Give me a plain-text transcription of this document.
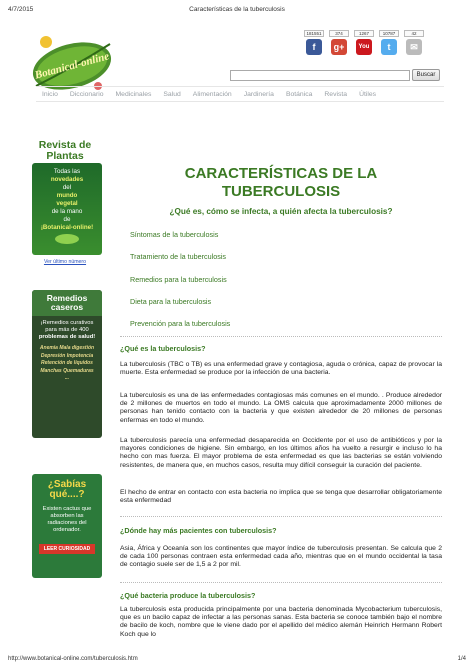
4/7/2015	Características de la tuberculosis
Botanical-online
181551
f
374
g+
1267
You
10787
t
42
✉
Buscar
Inicio Diccionario Medicinales Salud Alimentación Jardinería Botánica Revista Útiles
Revista de
Plantas
Todas las
novedades
del
mundo
vegetal
de la mano
de
¡Botanical-online!
Ver último número
Remedios
caseros
¡Remedios curativos
para más de 400
problemas de salud!
Anemia Mala digestión
Depresión Impotencia
Retención de líquidos
Manchas Quemaduras
...
¿Sabías
qué....?
Existen cactus que
absorben las
radiaciones del
ordenador.
LEER CURIOSIDAD
CARACTERÍSTICAS DE LA
TUBERCULOSIS
¿Qué es, cómo se infecta, a quién afecta la tuberculosis?
Síntomas de la tuberculosis
Tratamiento de la tuberculosis
Remedios para la tuberculosis
Dieta para la tuberculosis
Prevención para la tuberculosis
¿Qué es la tuberculosis?
La tuberculosis (TBC o TB) es una enfermedad grave y contagiosa, aguda o crónica, capaz de provocar la muerte. Esta enfermedad se produce por la infección de una bacteria.
La tuberculosis es una de las enfermedades contagiosas más comunes en el mundo. . Produce alrededor de 2 millones de muertos en todo el mundo. La OMS calcula que aproximadamente 2000 millones de personas han tenido contacto con la bacteria y que existen alrededor de 20 millones de personas enfermas en todo el mundo.
La tuberculosis parecía una enfermedad desaparecida en Occidente por el uso de antibióticos y por la mayores condiciones de higiene. Sin embargo, en los últimos años ha vuelto a resurgir e incluso lo ha hecho con mas fuerza. El mayor problema de esta enfermedad es que las bacterias se están volviendo resistentes, de manera que, en muchos casos, resulta muy difícil conseguir la curación del paciente.
El hecho de entrar en contacto con esta bacteria no implica que se tenga que desarrollar obligatoriamente esta enfermedad
¿Dónde hay más pacientes con tuberculosis?
Asia, África y Oceanía son los continentes que mayor índice de tuberculosis presentan. Se calcula que 2 de cada 100 personas contraen esta enfermedad cada año, mientras que en el mundo occidental la tasa de contagio suele ser de 1,5 a 2 por mil.
¿Qué bacteria produce la tuberculosis?
La tuberculosis esta producida principalmente por una bacteria denominada Mycobacterium tuberculosis, que es un bacilo capaz de infectar a las personas sanas. Esta bacteria se conoce también bajo el nombre de bacilo de koch, nombre que le viene dado por el apellido del médico alemán Heinrich Hermann Robert Koch que lo
http://www.botanical-online.com/tuberculosis.htm	1/4
